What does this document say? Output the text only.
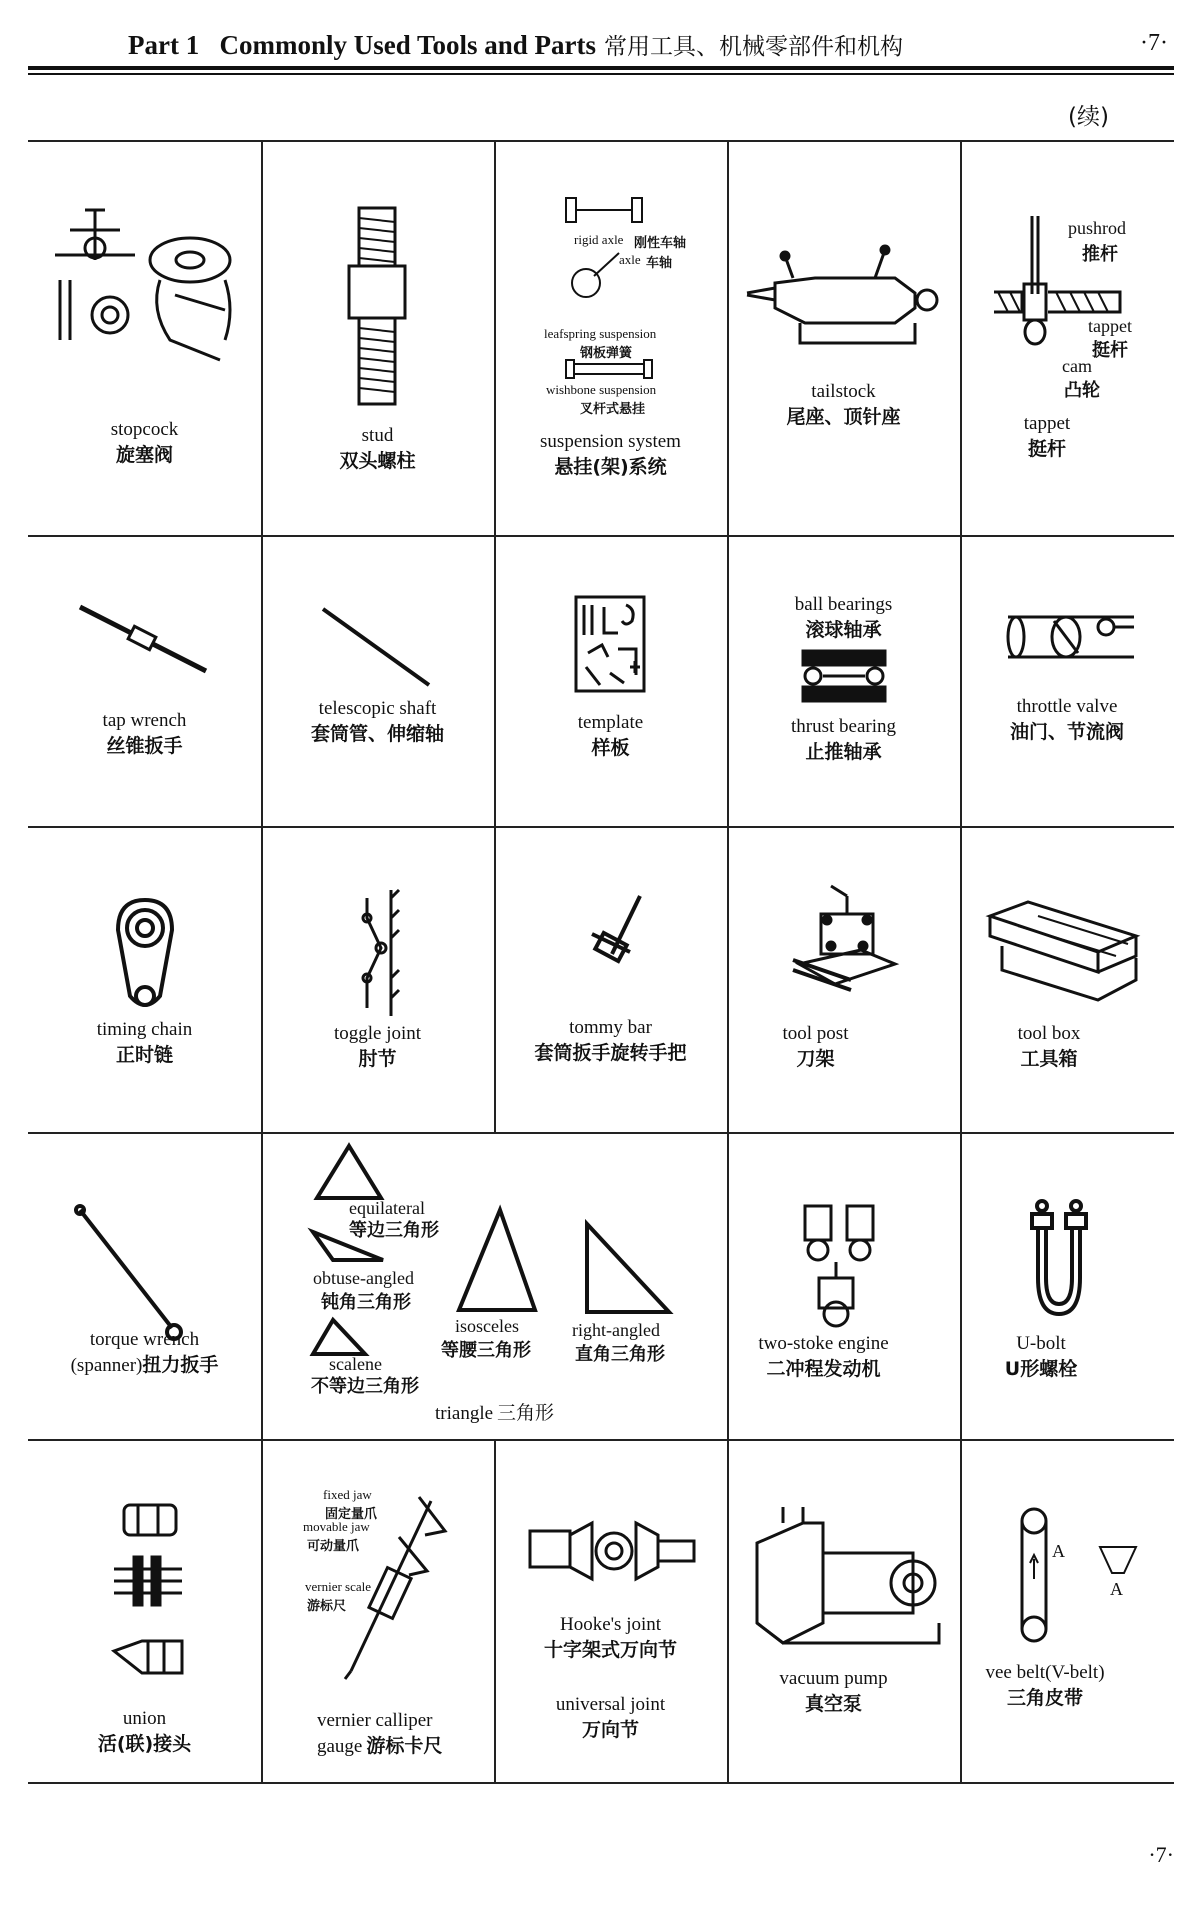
Part 1   Commonly Used Tools and Parts 常用工具、机械零部件和机构	·7·
(续)
stopcock
旋塞阀
stud
双头螺柱
rigid axle 刚性车轴
axle 车轴
leafspring suspension
钢板弹簧
wishbone suspension
叉杆式悬挂
suspension system
悬挂(架)系统
tailstock
尾座、顶针座
pushrod
推杆
tappet
挺杆
cam
凸轮
tappet
挺杆
tap wrench
丝锥扳手
telescopic shaft
套筒管、伸缩轴
template
样板
ball bearings
滚球轴承
thrust bearing
止推轴承
throttle valve
油门、节流阀
timing chain
正时链
toggle joint
肘节
tommy bar
套筒扳手旋转手把
tool post
刀架
tool box
工具箱
torque wrench
(spanner)扭力扳手
equilateral
等边三角形
obtuse-angled
钝角三角形
scalene
不等边三角形
isosceles
等腰三角形
right-angled
直角三角形
triangle 三角形
two-stoke engine
二冲程发动机
U-bolt
U形螺栓
union
活(联)接头
fixed jaw
固定量爪
movable jaw
可动量爪
vernier scale
游标尺
vernier calliper
gauge 游标卡尺
Hooke's joint
十字架式万向节
universal joint
万向节
vacuum pump
真空泵
A
A
vee belt(V-belt)
三角皮带
·7·
